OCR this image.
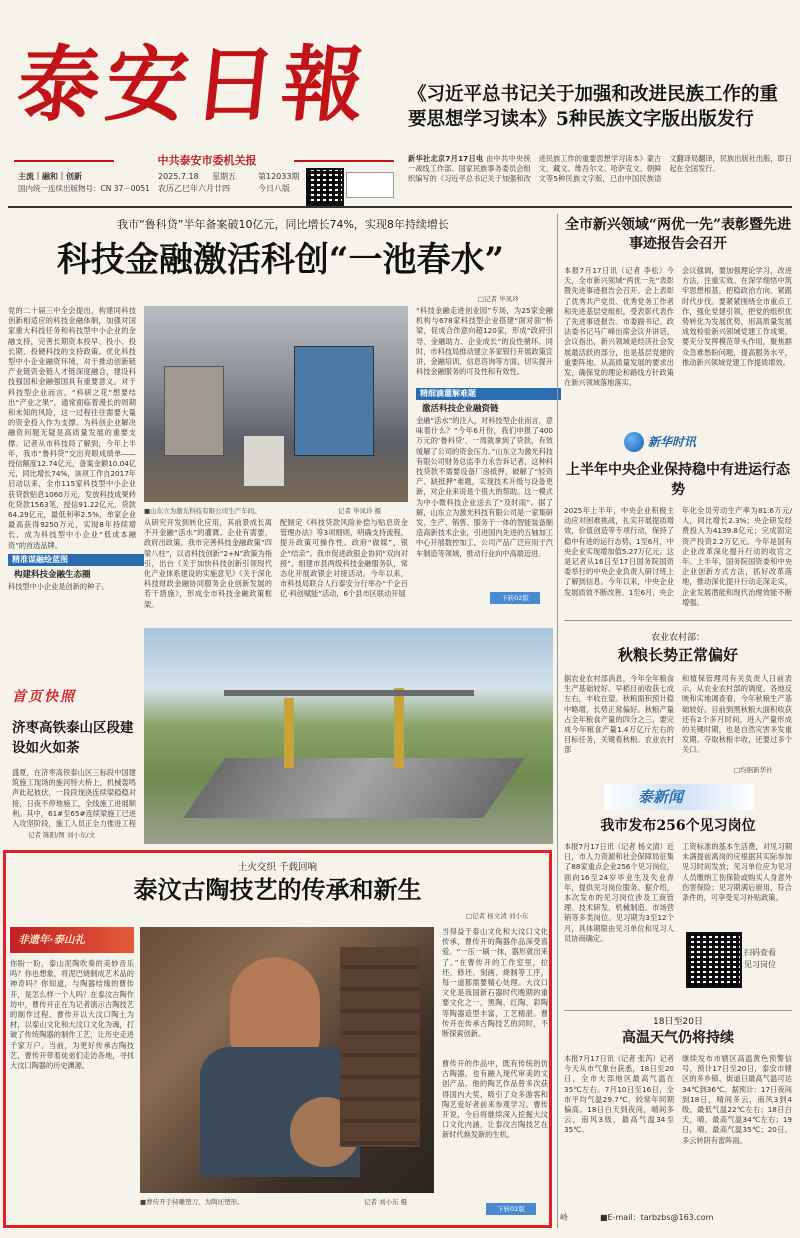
泰安日報
中共泰安市委机关报
主流｜融和｜创新
国内统一连续出版物号：CN 37－0051
2025.7.18	星期五
农历乙巳年六月廿四
第12033期
今日八版
《习近平总书记关于加强和改进民族工作的重要思想学习读本》5种民族文字版出版发行
新华社北京7月17日电 由中共中央统一战线工作部、国家民族事务委员会组织编写的《习近平总书记关于加强和改进民族工作的重要思想学习读本》蒙古文、藏文、维吾尔文、哈萨克文、朝鲜文等5种民族文字版，已由中国民族语文翻译局翻译，民族出版社出版，即日起在全国发行。
我市“鲁科贷”半年备案破10亿元，同比增长74%，实现8年持续增长
科技金融激活科创“一池春水”
□记者 毕凤玲
党的二十届三中全会提出，构建同科技创新相适应的科技金融体制，加强对国家重大科技任务和科技型中小企业的金融支持，完善长期资本投早、投小、投长期、投硬科技的支持政策。优化科技型中小企业融资环境，对于推动创新链产业链资金链人才链深度融合，建设科技强国和金融强国具有重要意义。对于科技型企业而言，“科研之花”想要结出“产业之果”，通常面临着漫长的周期和未知的风险，这一过程往往需要大量的资金投入作为支撑。为科创企业解决融资问题无疑是高质量发展的重要支撑。记者从市科技局了解到，今年上半年，我市“鲁科贷”交出亮眼成绩单——授信额度12.74亿元，备案金额10.04亿元，同比增长74%，该项工作自2017年启动以来，全市115家科技型中小企业获贷款贴息1060万元，发放科技成果转化贷款1563笔，授信91.22亿元，贷款64.29亿元，最低利率2.5%，单家企业最高获得9250万元，实现8年持续增长，成为科技型中小企业“低成本融资”的首选品牌。
精准谋融绘蓝图
构建科技金融生态圈
科技型中小企业是创新的种子。
■山东立为激光科技有限公司生产车间。	记者 毕凤玲 摄
从研究开发到转化应用，其前景成长离不开金融“活水”的灌溉。企业有需要，政府出政策。我市完善科技金融政策“四梁八柱”，以省科技创新“2+N”政策为指引，出台《关于加快科技创新引领现代化产业体系建设的实施意见》《关于深化科技财政金融协同服务企业创新发展的若干措施》，形成全市科技金融政策框架。
配制定《科技贷款风险补偿与贴息资金管理办法》等3项细则，明确支持流程，提升政策可操作性。政府“做媒”，银企“结亲”。我市促进政银企协同“双向对接”，组建市县两级科技金融服务队，常态化开展政银企对接活动。今年以来，市科技局联合人行泰安分行举办“千企百亿·科创赋能”活动，6个县市区联动开展
“科技金融走进创业园”专场，为25家金融机构与678家科技型企业搭建“面对面”桥梁，促成合作意向超120家，形成“政府引导、金融助力、企业成长”的良性循环。同时，市科技局推动建立多家银行开展政策宣讲，金融培训，信息咨询等方面，切实提升科技金融服务的可及性和有效性。
精细滴灌解难题
激活科技企业融资链
金融“活水”的注入，对科技型企业而言，意味着什么？“今年6月份，我们申报了400万元的‘鲁科贷’，一周就拿到了贷款，有效缓解了公司的资金压力。”山东立为激光科技有限公司财务总监李力永告诉记者，这种科技贷款不需要设备厂房抵押，破解了“轻资产、缺抵押”难题，实现技术升级与设备更新，对企业来说是个很大的帮助。这一模式为中小微科技企业送去了“及时雨”。据了解，山东立为激光科技有限公司是一家集研发、生产、销售、服务于一体的智能装备制造高新技术企业，引进国内先进的五轴加工中心开展数控加工，公司产品广泛应用于汽车制造等领域，推动行业向中高端迈进。
下转02版
全市新兴领域“两优一先”表彰暨先进事迹报告会召开
本报7月17日讯（记者 李松）今天，全市新兴领域“两优一先”表彰暨先进事迹报告会召开。会上表彰了优秀共产党员、优秀党务工作者和先进基层党组织，受表彰代表作了先进事迹报告。市委副书记、政法委书记马广峰出席会议并讲话。会议指出，新兴领域是经济社会发展最活跃的部分，也是基层党建的重要阵地。从高质量发展的要求出发，确保党的理论和路线方针政策在新兴领域落地落实。
会议强调，要加强理论学习，改进方法，注重实效。在深学细悟中筑牢思想根基，把稳政治方向、紧跟时代步伐。要紧紧围绕全市重点工作，强化党建引领，把党的组织优势转化为发展优势，用高质量发展成效检验新兴领域党建工作成果。要充分发挥模范带头作用，聚焦群众急难愁盼问题，提高服务水平，推动新兴领域党建工作提质增效。
新华时讯
上半年中央企业保持稳中有进运行态势
2025年上半年，中央企业积极主动应对困难挑战，扎实开展提质增效，价值创造等专项行动，保持了稳中有进的运行态势。1至6月，中央企业实现增加值5.27万亿元。这是记者从16日至17日国务院国资委举行的中央企业负责人研讨班上了解到信息。今年以来，中央企业发展质效不断改善。1至6月，央企
年化全员劳动生产率为81.6万元/人，同比增长2.3%；央企研发经费投入为4139.8亿元；完成固定资产投资2.2万亿元。今年是国有企业改革深化提升行动的收官之年。上半年，国务院国资委和中央企业创新方式方法，抓好改革落地，推动深化提升行动走深走实，企业发展潜能和现代治理效能不断增强。
农业农村部：
秋粮长势正常偏好
据农业农村部消息，今年全年粮食生产基础较好。早稻目前收获七成左右，丰收在望。秋粮面积预计稳中略增，长势正常偏好。秋粮产量占全年粮食产量的四分之三，要完成今年粮食产量1.4万亿斤左右的目标任务，关键看秋粮。农业农村部
和植保管理司有关负责人日前表示，从农业农村部的调度、各地反映和实地调查看，今年秋粮生产基础较好。目前到黑秋粮大面积收获还有2个多月时间，进入产量形成的关键时期，也是自然灾害多发重发期。夺取秋粮丰收，还要过多个关口。
□均据新华社
泰新闻
我市发布256个见习岗位
本报7月17日讯（记者 杨文清）近日，市人力资源和社会保障局征集了88家重点企业256个见习岗位，面向16至24岁毕业生及失业青年，提供见习岗位服务。据介绍，本次发布的见习岗位涉及工商管理、技术研发、机械制造、市场营销等多类岗位。见习期为3至12个月，具体期限由见习单位和见习人员协商确定。
工资标准的基本生活费，对见习期未满提前离岗的应根据其实际参加见习时间发放；见习单位应为见习人员缴纳工伤保险或购买人身意外伤害保险；见习期满后留用，符合条件的，可享受见习补贴政策。
扫码查看
见习岗位
18日至20日
高温天气仍将持续
本报7月17日讯（记者 张芮）记者今天从市气象台获悉，18日至20日，全市大部地区最高气温在35℃左右。7月10日至16日，全市平均气温29.7℃，较常年同期偏高。18日白天到夜间，晴间多云，南风3级，最高气温34至35℃。
继续发布市辖区高温黄色预警信号，预计17日至20日，泰安市辖区的多乡镇、街道日最高气温可达34℃到36℃。据预计：17日夜间到18日，晴间多云，南风3到4级，最低气温22℃左右；18日白天，晴，最高气温34℃左右；19日，晴，最高气温35℃；20日，多云转阴有雷阵雨。
■E-mail：tarbzbs@163.com
岭
首页快照
济枣高铁泰山区段建设如火如荼
盛夏，在济枣高铁泰山区三标段中国建筑施工现场的施河特大桥上，机械轰鸣声此起彼伏，一段段现浇连续梁稳稳对接，日夜不停地施工，全线施工进展顺利。其中，61#至65#连续梁施工已进入攻坚阶段，施工人员正全力推进工程
记者 陈阳/图 刘小东/文
土火交织 千载回响
泰汶古陶技艺的传承和新生
□记者 杨文清 刘小东
非遗年·泰山礼
你盼一盼，泰山泥陶吹奏的美妙音乐吗？你也想象，将泥巴烧制成艺术品的神奇吗？你知道，与陶器结缘的曹传开，是怎么样一个人吗？在泰汶古陶作坊中，曹传开正在为记者演示古陶技艺的制作过程。曹传开以大汶口陶土为材，以泰山文化和大汶口文化为魂，打破了传统陶器的制作工艺，让历史走进千家万户。当前，为更好传承古陶技艺，曹传开带着徒弟们走访各地，寻找大汶口陶器的历史渊源。
■曹传开手持雕塑刀，为陶坯塑形。	记者 刘小东 摄
当得益于泰山文化和大汶口文化传承，曹传开的陶器作品深受喜爱。“一压一刷一抹，器形就出来了。”在曹传开的工作室里，拉坯、修坯、刻画、烧制等工序，每一道都需要精心处理。大汶口文化是我国新石器时代晚期的重要文化之一，黑陶、红陶、彩陶等陶器造型丰富，工艺精湛。曹传开在传承古陶技艺的同时，不断探索创新。
曹传开的作品中，既有传统的仿古陶器，也有融入现代审美的文创产品。他的陶艺作品曾多次获得国内大奖，吸引了众多游客和陶艺爱好者前来参观学习。曹传开说，今后将继续深入挖掘大汶口文化内涵，让泰汶古陶技艺在新时代焕发新的生机。
下转02版
